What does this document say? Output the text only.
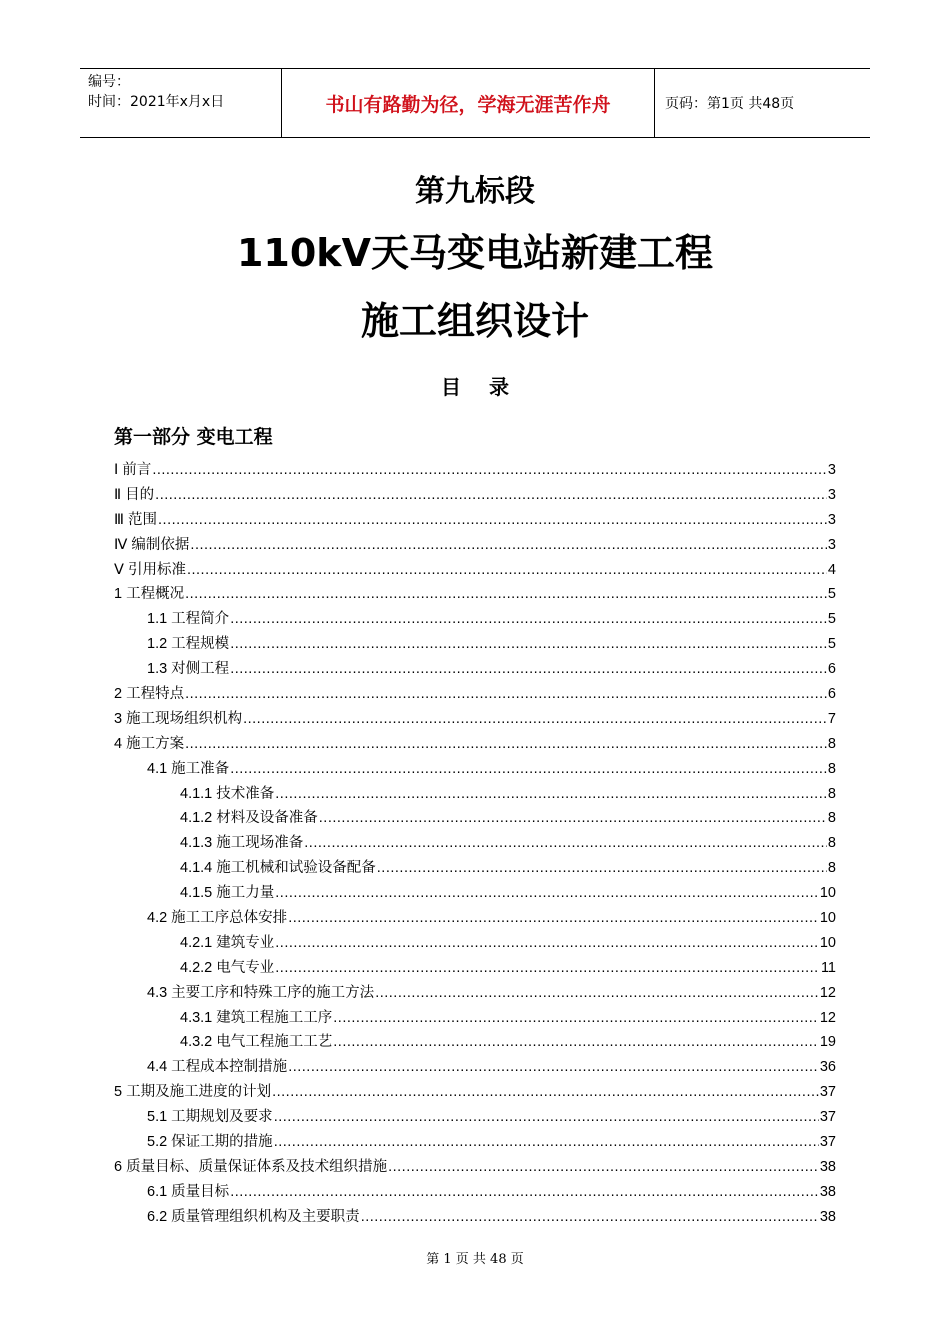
编号：
时间：2021年x月x日	书山有路勤为径，学海无涯苦作舟	页码：第1页 共48页
第九标段
110kV天马变电站新建工程
施工组织设计
目录
第一部分 变电工程
Ⅰ 前言 .....	3
Ⅱ 目的 .....	3
Ⅲ 范围 .....	3
Ⅳ 编制依据 .....	3
Ⅴ 引用标准 .....	4
1 工程概况 .....	5
1.1 工程简介 .....	5
1.2 工程规模 .....	5
1.3 对侧工程 .....	6
2 工程特点 .....	6
3 施工现场组织机构 .....	7
4 施工方案 .....	8
4.1 施工准备 .....	8
4.1.1 技术准备 .....	8
4.1.2 材料及设备准备 .....	8
4.1.3 施工现场准备 .....	8
4.1.4 施工机械和试验设备配备 .....	8
4.1.5 施工力量 .....	10
4.2 施工工序总体安排 .....	10
4.2.1 建筑专业 .....	10
4.2.2 电气专业 .....	11
4.3 主要工序和特殊工序的施工方法 .....	12
4.3.1 建筑工程施工工序 .....	12
4.3.2 电气工程施工工艺 .....	19
4.4 工程成本控制措施 .....	36
5 工期及施工进度的计划 .....	37
5.1 工期规划及要求 .....	37
5.2 保证工期的措施 .....	37
6 质量目标、质量保证体系及技术组织措施 .....	38
6.1 质量目标 .....	38
6.2 质量管理组织机构及主要职责 .....	38
第 1 页 共 48 页
